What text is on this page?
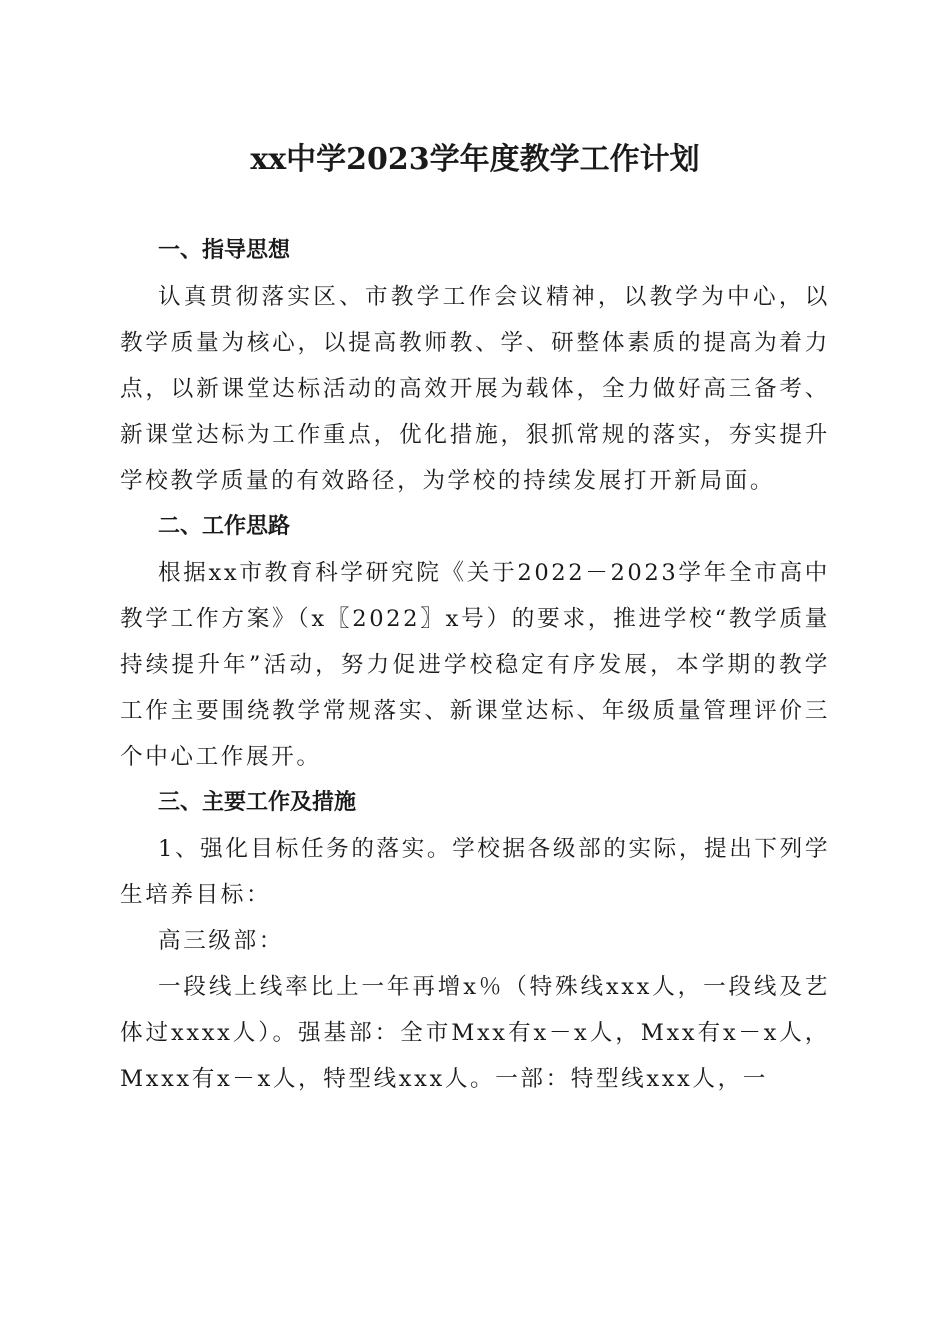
xx中学2023学年度教学工作计划
一、指导思想

认真贯彻落实区、市教学工作会议精神，以教学为中心，以教学质量为核心，以提高教师教、学、研整体素质的提高为着力点，以新课堂达标活动的高效开展为载体，全力做好高三备考、新课堂达标为工作重点，优化措施，狠抓常规的落实，夯实提升学校教学质量的有效路径，为学校的持续发展打开新局面。

二、工作思路

根据xx市教育科学研究院《关于2022－2023学年全市高中教学工作方案》（x〖2022〗x号）的要求，推进学校“教学质量持续提升年”活动，努力促进学校稳定有序发展，本学期的教学工作主要围绕教学常规落实、新课堂达标、年级质量管理评价三个中心工作展开。

三、主要工作及措施

1、强化目标任务的落实。学校据各级部的实际，提出下列学生培养目标：

高三级部：

一段线上线率比上一年再增x％（特殊线xxx人，一段线及艺体过xxxx人）。强基部：全市Mxx有x－x人，Mxx有x－x人，Mxxx有x－x人，特型线xxx人。一部：特型线xxx人，一
